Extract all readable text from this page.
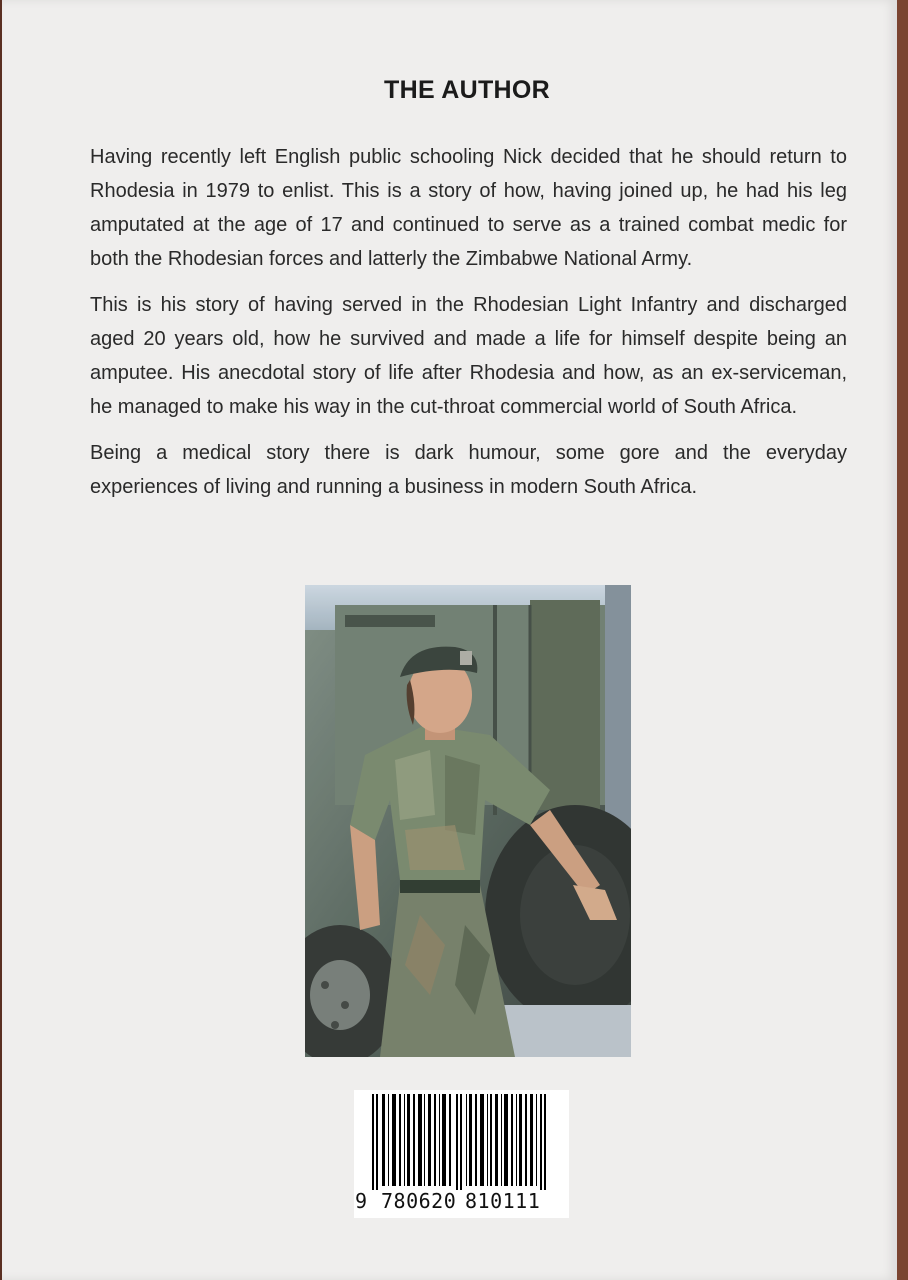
THE AUTHOR

Having recently left English public schooling Nick decided that he should return to Rhodesia in 1979 to enlist. This is a story of how, having joined up, he had his leg amputated at the age of 17 and continued to serve as a trained combat medic for both the Rhodesian forces and latterly the Zimbabwe National Army.

This is his story of having served in the Rhodesian Light Infantry and discharged aged 20 years old, how he survived and made a life for himself despite being an amputee. His anecdotal story of life after Rhodesia and how, as an ex-serviceman, he managed to make his way in the cut-throat commercial world of South Africa.

Being a medical story there is dark humour, some gore and the everyday experiences of living and running a business in modern South Africa.

9 780620 810111
